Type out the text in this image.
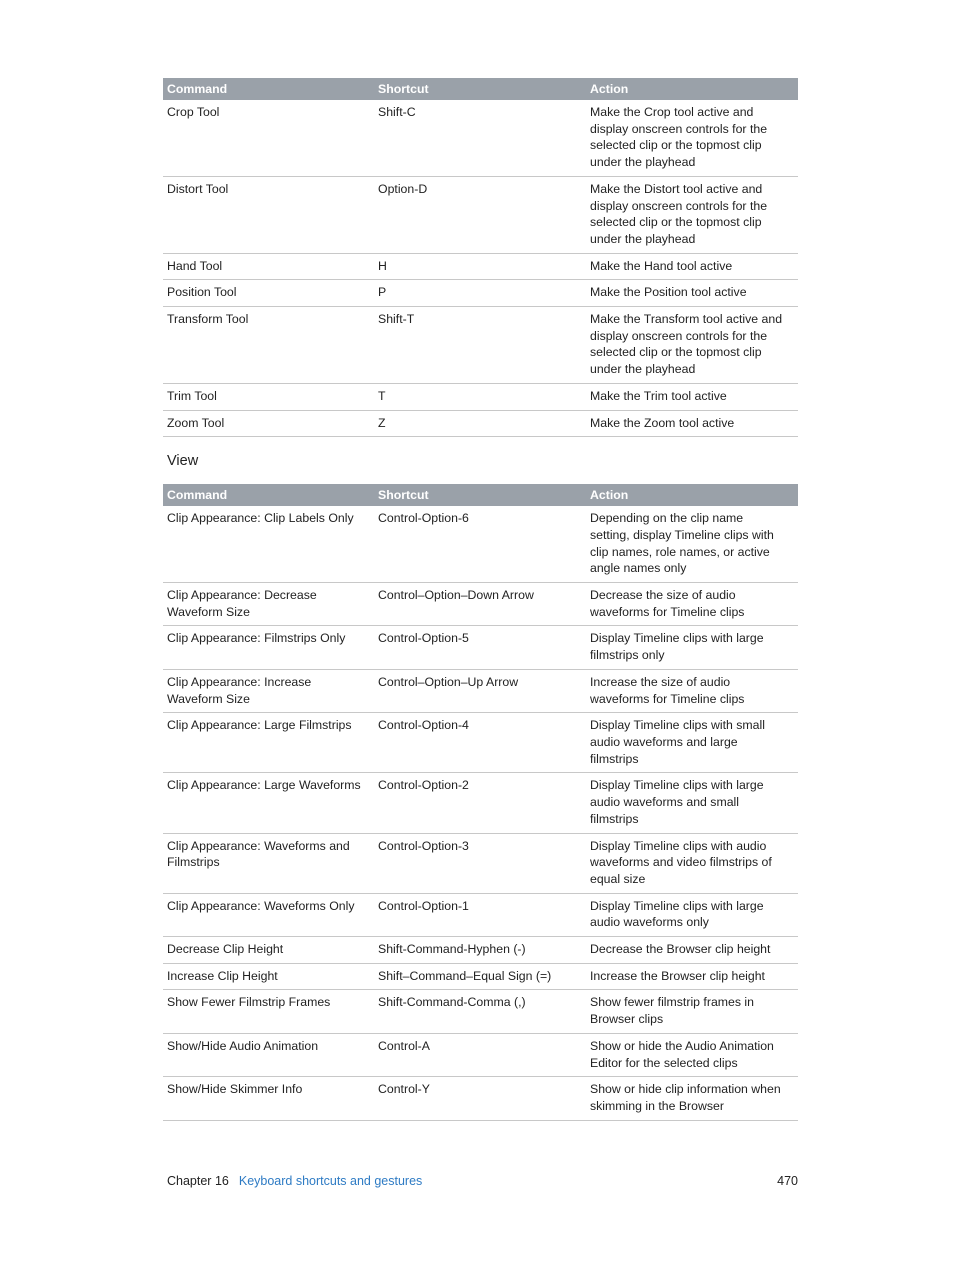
Command	Shortcut	Action
Crop Tool	Shift-C	Make the Crop tool active and display onscreen controls for the selected clip or the topmost clip under the playhead
Distort Tool	Option-D	Make the Distort tool active and display onscreen controls for the selected clip or the topmost clip under the playhead
Hand Tool	H	Make the Hand tool active
Position Tool	P	Make the Position tool active
Transform Tool	Shift-T	Make the Transform tool active and display onscreen controls for the selected clip or the topmost clip under the playhead
Trim Tool	T	Make the Trim tool active
Zoom Tool	Z	Make the Zoom tool active
View
Command	Shortcut	Action
Clip Appearance: Clip Labels Only	Control-Option-6	Depending on the clip name setting, display Timeline clips with clip names, role names, or active angle names only
Clip Appearance: Decrease Waveform Size	Control–Option–Down Arrow	Decrease the size of audio waveforms for Timeline clips
Clip Appearance: Filmstrips Only	Control-Option-5	Display Timeline clips with large filmstrips only
Clip Appearance: Increase Waveform Size	Control–Option–Up Arrow	Increase the size of audio waveforms for Timeline clips
Clip Appearance: Large Filmstrips	Control-Option-4	Display Timeline clips with small audio waveforms and large filmstrips
Clip Appearance: Large Waveforms	Control-Option-2	Display Timeline clips with large audio waveforms and small filmstrips
Clip Appearance: Waveforms and Filmstrips	Control-Option-3	Display Timeline clips with audio waveforms and video filmstrips of equal size
Clip Appearance: Waveforms Only	Control-Option-1	Display Timeline clips with large audio waveforms only
Decrease Clip Height	Shift-Command-Hyphen (-)	Decrease the Browser clip height
Increase Clip Height	Shift–Command–Equal Sign (=)	Increase the Browser clip height
Show Fewer Filmstrip Frames	Shift-Command-Comma (,)	Show fewer filmstrip frames in Browser clips
Show/Hide Audio Animation	Control-A	Show or hide the Audio Animation Editor for the selected clips
Show/Hide Skimmer Info	Control-Y	Show or hide clip information when skimming in the Browser
Chapter 16 Keyboard shortcuts and gestures	470
